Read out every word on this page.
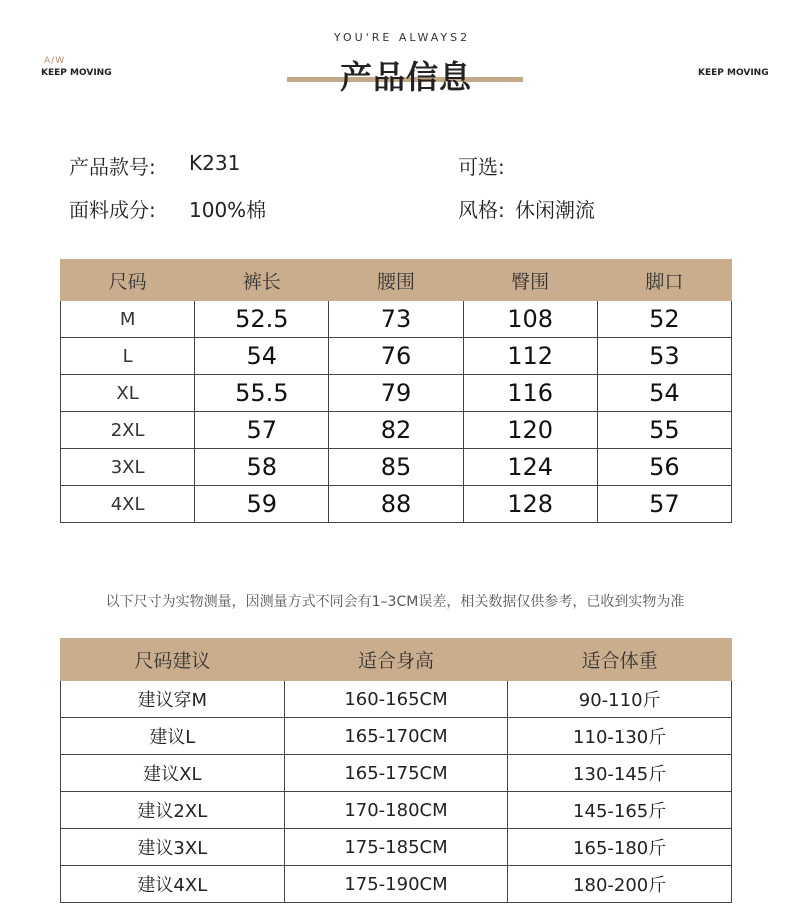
A/W
KEEP MOVING	KEEP MOVING
YOU'RE ALWAYS2
产品信息
产品款号: K231
面料成分: 100%棉
可选:
风格: 休闲潮流
尺码	裤长	腰围	臀围	脚口
M	52.5	73	108	52
L	54	76	112	53
XL	55.5	79	116	54
2XL	57	82	120	55
3XL	58	85	124	56
4XL	59	88	128	57
以下尺寸为实物测量，因测量方式不同会有1–3CM误差，相关数据仅供参考，已收到实物为准
尺码建议	适合身高	适合体重
建议穿M	160-165CM	90-110斤
建议L	165-170CM	110-130斤
建议XL	165-175CM	130-145斤
建议2XL	170-180CM	145-165斤
建议3XL	175-185CM	165-180斤
建议4XL	175-190CM	180-200斤
